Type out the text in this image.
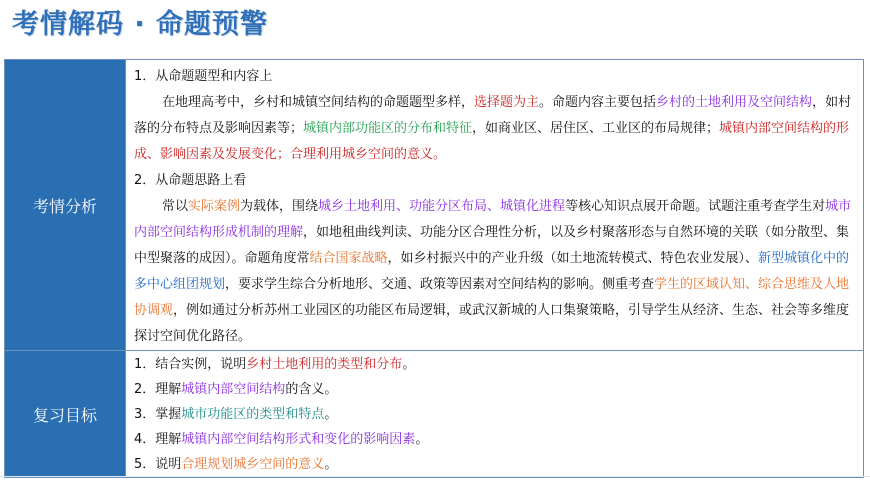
考情解码 · 命题预警
考情分析	1．从命题题型和内容上

在地理高考中，乡村和城镇空间结构的命题题型多样，选择题为主。命题内容主要包括乡村的土地利用及空间结构，如村落的分布特点及影响因素等；城镇内部功能区的分布和特征，如商业区、居住区、工业区的布局规律；城镇内部空间结构的形成、影响因素及发展变化；合理利用城乡空间的意义。

2．从命题思路上看

常以实际案例为载体，围绕城乡土地利用、功能分区布局、城镇化进程等核心知识点展开命题。试题注重考查学生对城市内部空间结构形成机制的理解，如地租曲线判读、功能分区合理性分析，以及乡村聚落形态与自然环境的关联（如分散型、集中型聚落的成因）。命题角度常结合国家战略，如乡村振兴中的产业升级（如土地流转模式、特色农业发展）、新型城镇化中的多中心组团规划，要求学生综合分析地形、交通、政策等因素对空间结构的影响。侧重考查学生的区域认知、综合思维及人地协调观，例如通过分析苏州工业园区的功能区布局逻辑，或武汉新城的人口集聚策略，引导学生从经济、生态、社会等多维度探讨空间优化路径。

复习目标	1．结合实例，说明乡村土地利用的类型和分布。

2．理解城镇内部空间结构的含义。

3．掌握城市功能区的类型和特点。

4．理解城镇内部空间结构形式和变化的影响因素。

5．说明合理规划城乡空间的意义。
